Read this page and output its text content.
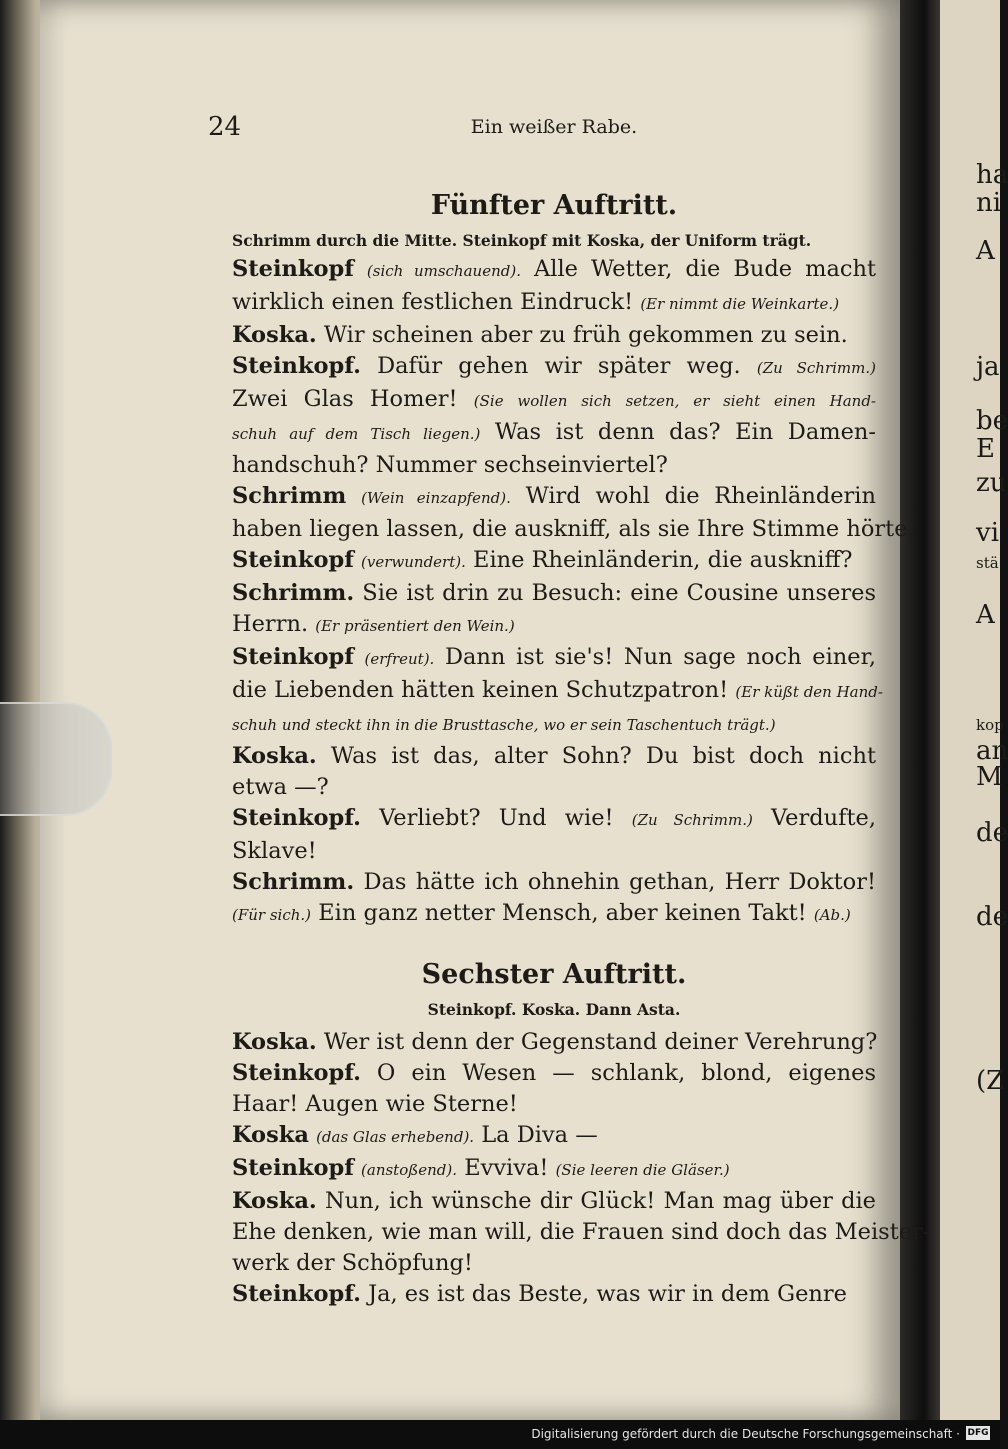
ha
ni
A
ja
be
E
zu
vi
stä
A
kop
an
M
de
de
(Z
24	Ein weißer Rabe.
Fünfter Auftritt.

Schrimm durch die Mitte. Steinkopf mit Koska, der Uniform trägt.

Steinkopf (sich umschauend). Alle Wetter, die Bude macht
wirklich einen festlichen Eindruck! (Er nimmt die Weinkarte.)
Koska. Wir scheinen aber zu früh gekommen zu sein.
Steinkopf. Dafür gehen wir später weg. (Zu Schrimm.)
Zwei Glas Homer! (Sie wollen sich setzen, er sieht einen Hand-
schuh auf dem Tisch liegen.) Was ist denn das? Ein Damen-
handschuh? Nummer sechseinviertel?
Schrimm (Wein einzapfend). Wird wohl die Rheinländerin
haben liegen lassen, die auskniff, als sie Ihre Stimme hörte.
Steinkopf (verwundert). Eine Rheinländerin, die auskniff?
Schrimm. Sie ist drin zu Besuch: eine Cousine unseres
Herrn. (Er präsentiert den Wein.)
Steinkopf (erfreut). Dann ist sie's! Nun sage noch einer,
die Liebenden hätten keinen Schutzpatron! (Er küßt den Hand-
schuh und steckt ihn in die Brusttasche, wo er sein Taschentuch trägt.)
Koska. Was ist das, alter Sohn? Du bist doch nicht
etwa —?
Steinkopf. Verliebt? Und wie! (Zu Schrimm.) Verdufte,
Sklave!
Schrimm. Das hätte ich ohnehin gethan, Herr Doktor!
(Für sich.) Ein ganz netter Mensch, aber keinen Takt! (Ab.)
Sechster Auftritt.

Steinkopf. Koska. Dann Asta.

Koska. Wer ist denn der Gegenstand deiner Verehrung?
Steinkopf. O ein Wesen — schlank, blond, eigenes
Haar! Augen wie Sterne!
Koska (das Glas erhebend). La Diva —
Steinkopf (anstoßend). Evviva! (Sie leeren die Gläser.)
Koska. Nun, ich wünsche dir Glück! Man mag über die
Ehe denken, wie man will, die Frauen sind doch das Meister-
werk der Schöpfung!
Steinkopf. Ja, es ist das Beste, was wir in dem Genre
Digitalisierung gefördert durch die Deutsche Forschungsgemeinschaft · DFG
